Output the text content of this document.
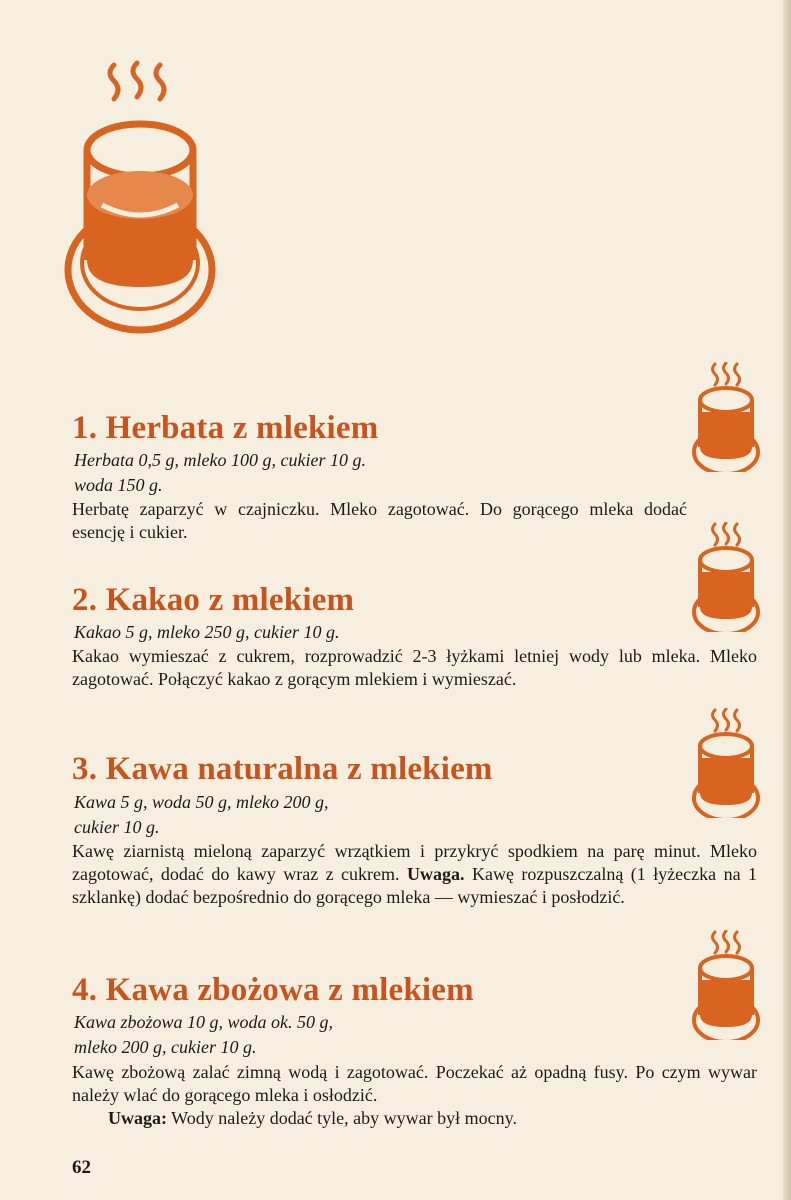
1. Herbata z mlekiem
Herbata 0,5 g, mleko 100 g, cukier 10 g.
woda 150 g.

Herbatę zaparzyć w czajniczku. Mleko zagotować. Do gorącego mleka dodać esencję i cukier.

2. Kakao z mlekiem
Kakao 5 g, mleko 250 g, cukier 10 g.

Kakao wymieszać z cukrem, rozprowadzić 2-3 łyżkami letniej wody lub mleka. Mleko zagotować. Połączyć kakao z gorącym mlekiem i wymieszać.

3. Kawa naturalna z mlekiem
Kawa 5 g, woda 50 g, mleko 200 g,
cukier 10 g.

Kawę ziarnistą mieloną zaparzyć wrzątkiem i przykryć spodkiem na parę minut. Mleko zagotować, dodać do kawy wraz z cukrem. Uwaga. Kawę rozpuszczalną (1 łyżeczka na 1 szklankę) dodać bezpośrednio do gorącego mleka — wymieszać i posłodzić.

4. Kawa zbożowa z mlekiem
Kawa zbożowa 10 g, woda ok. 50 g,
mleko 200 g, cukier 10 g.

Kawę zbożową zalać zimną wodą i zagotować. Poczekać aż opadną fusy. Po czym wywar należy wlać do gorącego mleka i osłodzić.

Uwaga: Wody należy dodać tyle, aby wywar był mocny.
62
